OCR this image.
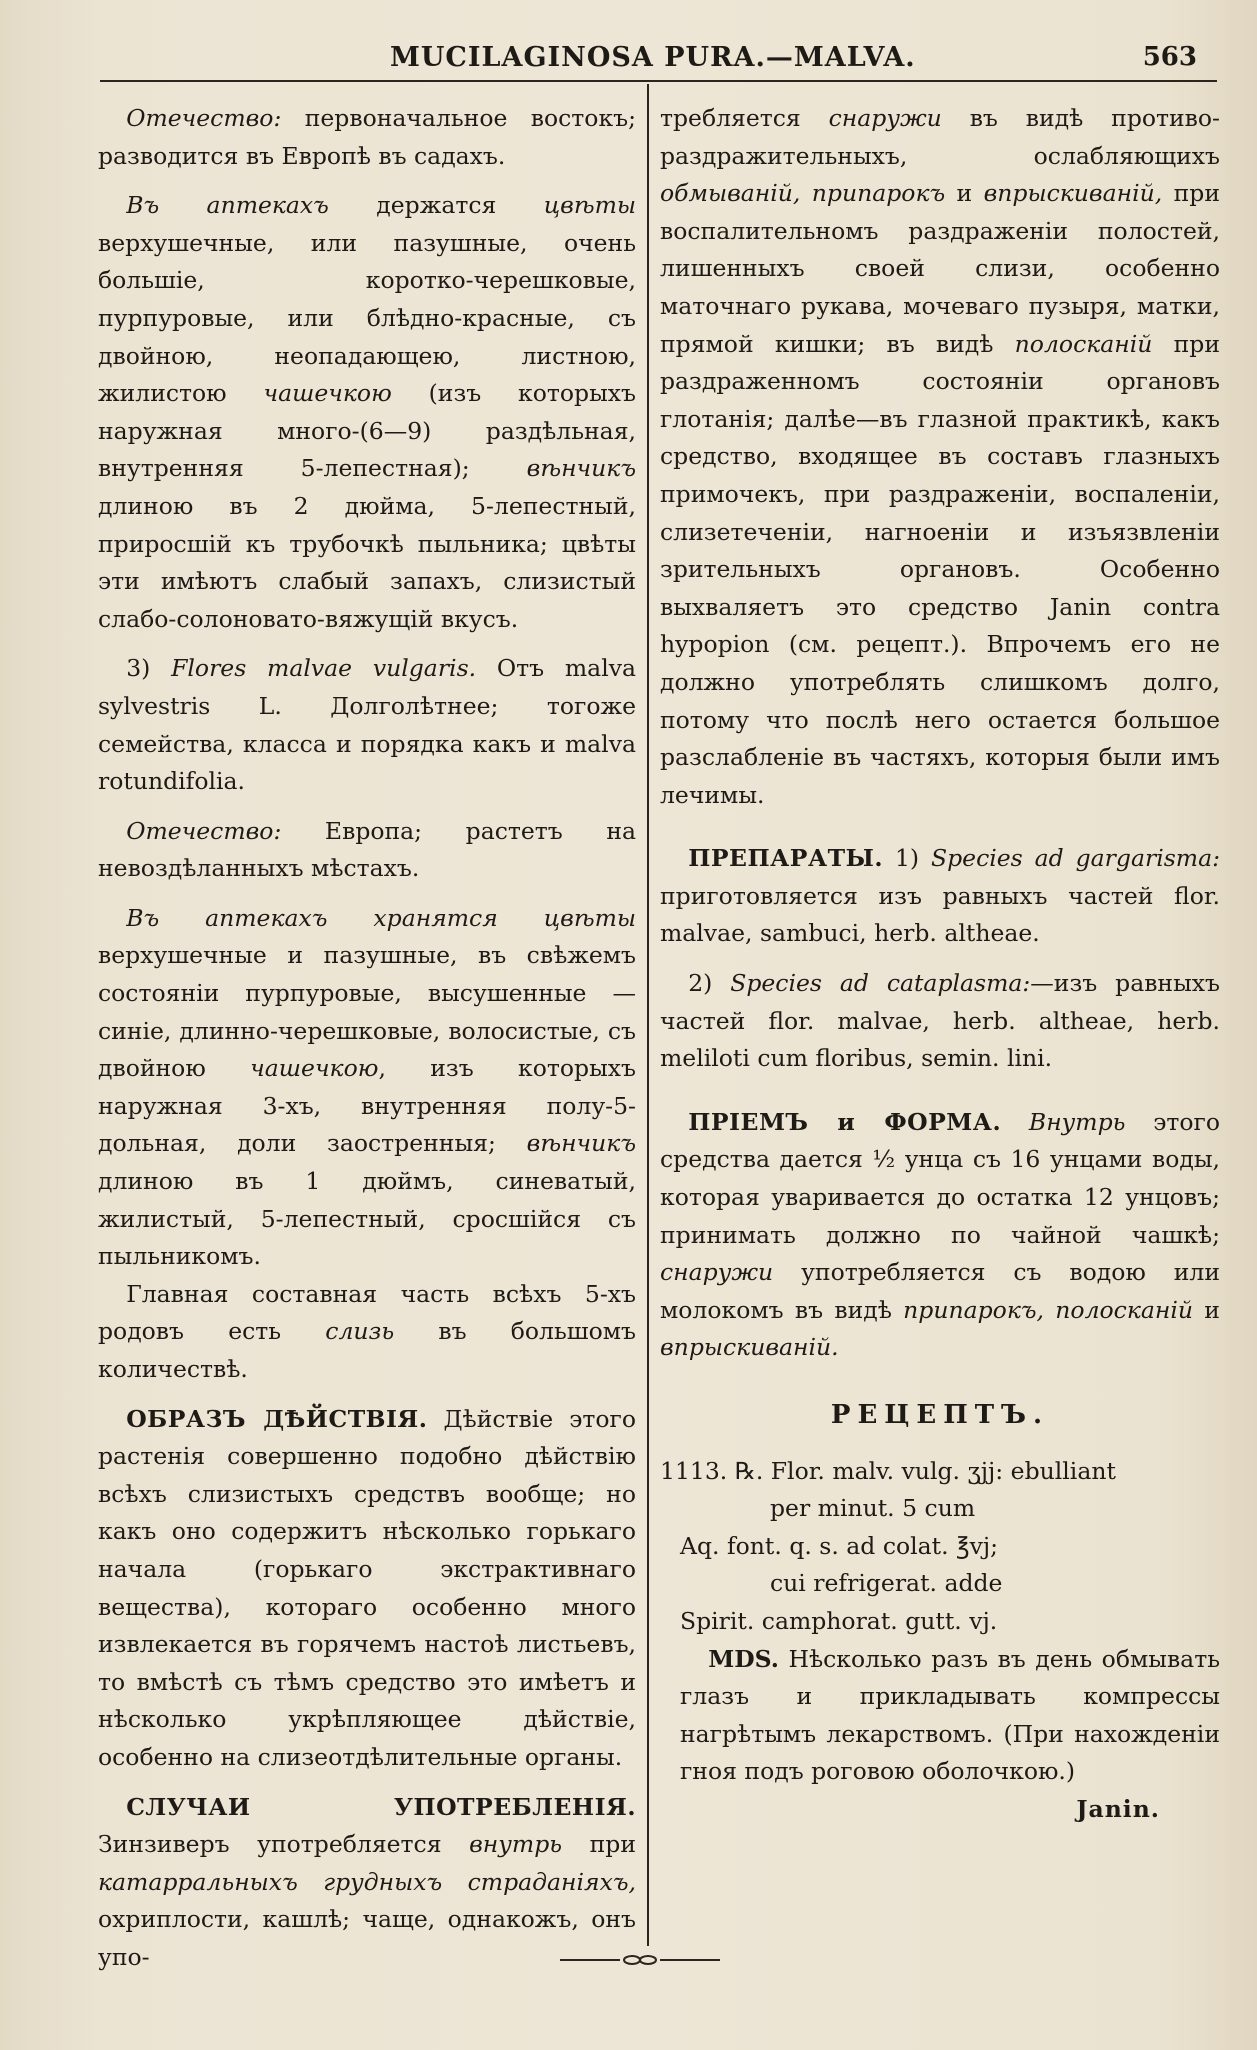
MUCILAGINOSA PURA.—MALVA.	563

Отечество: первоначальное востокъ; разводится въ Европѣ въ садахъ.

Въ аптекахъ держатся цвѣты верхушечные, или пазушные, очень большіе, коротко-черешковые, пурпуровые, или блѣдно-красные, съ двойною, неопадающею, листною, жилистою чашечкою (изъ которыхъ наружная много-(6—9) раздѣльная, внутренняя 5-лепестная); вѣнчикъ длиною въ 2 дюйма, 5-лепестный, приросшій къ трубочкѣ пыльника; цвѣты эти имѣютъ слабый запахъ, слизистый слабо-солоновато-вяжущій вкусъ.

3) Flores malvae vulgaris. Отъ malva sylvestris L. Долголѣтнее; тогоже семейства, класса и порядка какъ и malva rotundifolia.

Отечество: Европа; растетъ на невоздѣланныхъ мѣстахъ.

Въ аптекахъ хранятся цвѣты верхушечные и пазушные, въ свѣжемъ состояніи пурпуровые, высушенные — синіе, длинно-черешковые, волосистые, съ двойною чашечкою, изъ которыхъ наружная 3-хъ, внутренняя полу-5-дольная, доли заостренныя; вѣнчикъ длиною въ 1 дюймъ, синеватый, жилистый, 5-лепестный, сросшійся съ пыльникомъ.

Главная составная часть всѣхъ 5-хъ родовъ есть слизь въ большомъ количествѣ.

ОБРАЗЪ ДѢЙСТВІЯ. Дѣйствіе этого растенія совершенно подобно дѣйствію всѣхъ слизистыхъ средствъ вообще; но какъ оно содержитъ нѣсколько горькаго начала (горькаго экстрактивнаго вещества), котораго особенно много извлекается въ горячемъ настоѣ листьевъ, то вмѣстѣ съ тѣмъ средство это имѣетъ и нѣсколько укрѣпляющее дѣйствіе, особенно на слизеотдѣлительные органы.

СЛУЧАИ УПОТРЕБЛЕНІЯ. Зинзиверъ употребляется внутрь при катарральныхъ грудныхъ страданіяхъ, охриплости, кашлѣ; чаще, однакожъ, онъ упо-

требляется снаружи въ видѣ противо-раздражительныхъ, ослабляющихъ обмываній, припарокъ и впрыскиваній, при воспалительномъ раздраженіи полостей, лишенныхъ своей слизи, особенно маточнаго рукава, мочеваго пузыря, матки, прямой кишки; въ видѣ полосканій при раздраженномъ состояніи органовъ глотанія; далѣе—въ глазной практикѣ, какъ средство, входящее въ составъ глазныхъ примочекъ, при раздраженіи, воспаленіи, слизетеченіи, нагноеніи и изъязвленіи зрительныхъ органовъ. Особенно выхваляетъ это средство Janin contra hypopion (см. рецепт.). Впрочемъ его не должно употреблять слишкомъ долго, потому что послѣ него остается большое разслабленіе въ частяхъ, которыя были имъ лечимы.

ПРЕПАРАТЫ. 1) Species ad gargarisma: приготовляется изъ равныхъ частей flor. malvae, sambuci, herb. altheae.

2) Species ad cataplasma:—изъ равныхъ частей flor. malvae, herb. altheae, herb. meliloti cum floribus, semin. lini.

ПРІЕМЪ и ФОРМА. Внутрь этого средства дается ½ унца съ 16 унцами воды, которая уваривается до остатка 12 унцовъ; принимать должно по чайной чашкѣ; снаружи употребляется съ водою или молокомъ въ видѣ припарокъ, полосканій и впрыскиваній.

РЕЦЕПТЪ.
1113. ℞. Flor. malv. vulg. ʒjj: ebulliant
per minut. 5 cum
Aq. font. q. s. ad colat. ℥vj;
cui refrigerat. adde
Spirit. camphorat. gutt. vj.

MDS. Нѣсколько разъ въ день обмывать глазъ и прикладывать компрессы нагрѣтымъ лекарствомъ. (При нахожденіи гноя подъ роговою оболочкою.)

Janin.
